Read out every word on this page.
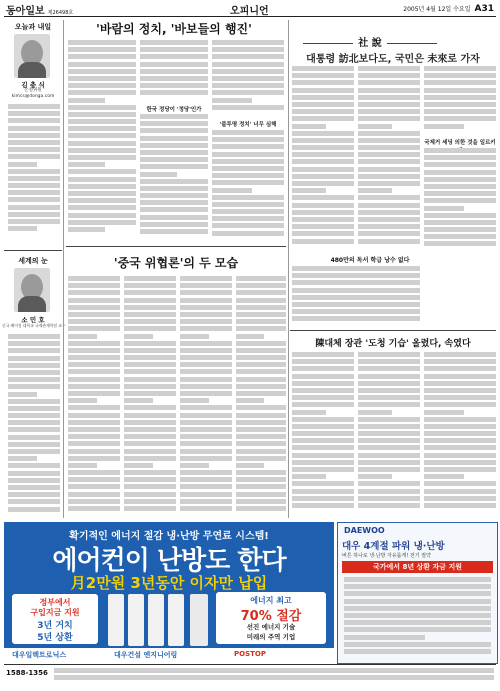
동아일보 제26498호	오피니언	2005년 4월 12일 수요일 A31
오늘과 내일
김 충 식
논설위원
kimcs@donga.com
세계의 눈
소 민 호
중국 베이징 대학교 국제관계학원 교수
'바람의 정치, '바보들의 행진'
한국 정당이 '정당'인가
'불투명 정치' 너무 심해
'중국 위협론'의 두 모습
社 說
대통령 訪北보다도, 국민은 未來로 가자
국제거 세딩 의한 것을 일르키
480만의 독서 학급 낭수 없다
陳대체 장관 '도청 기습' 올렸다, 속였다
확기적인 에너지 절감 냉·난방 무연료 시스템!
에어컨이 난방도 한다
月2만원 3년동안 이자만 납입
정부에서
구입지금 지원
3년 거치
5년 상환
에너지 최고
70% 절감
선진 에너지 기술
미래의 주역 기업
대우일렉트로닉스	대우건설 엔지니어링	POSTOP
DAEWOO
대우 4계절 파워 냉·난방
버튼 하나로 냉·난방 자유롭게! 전기 절약
국가에서 8년 상환 자금 지원
1588-1356
